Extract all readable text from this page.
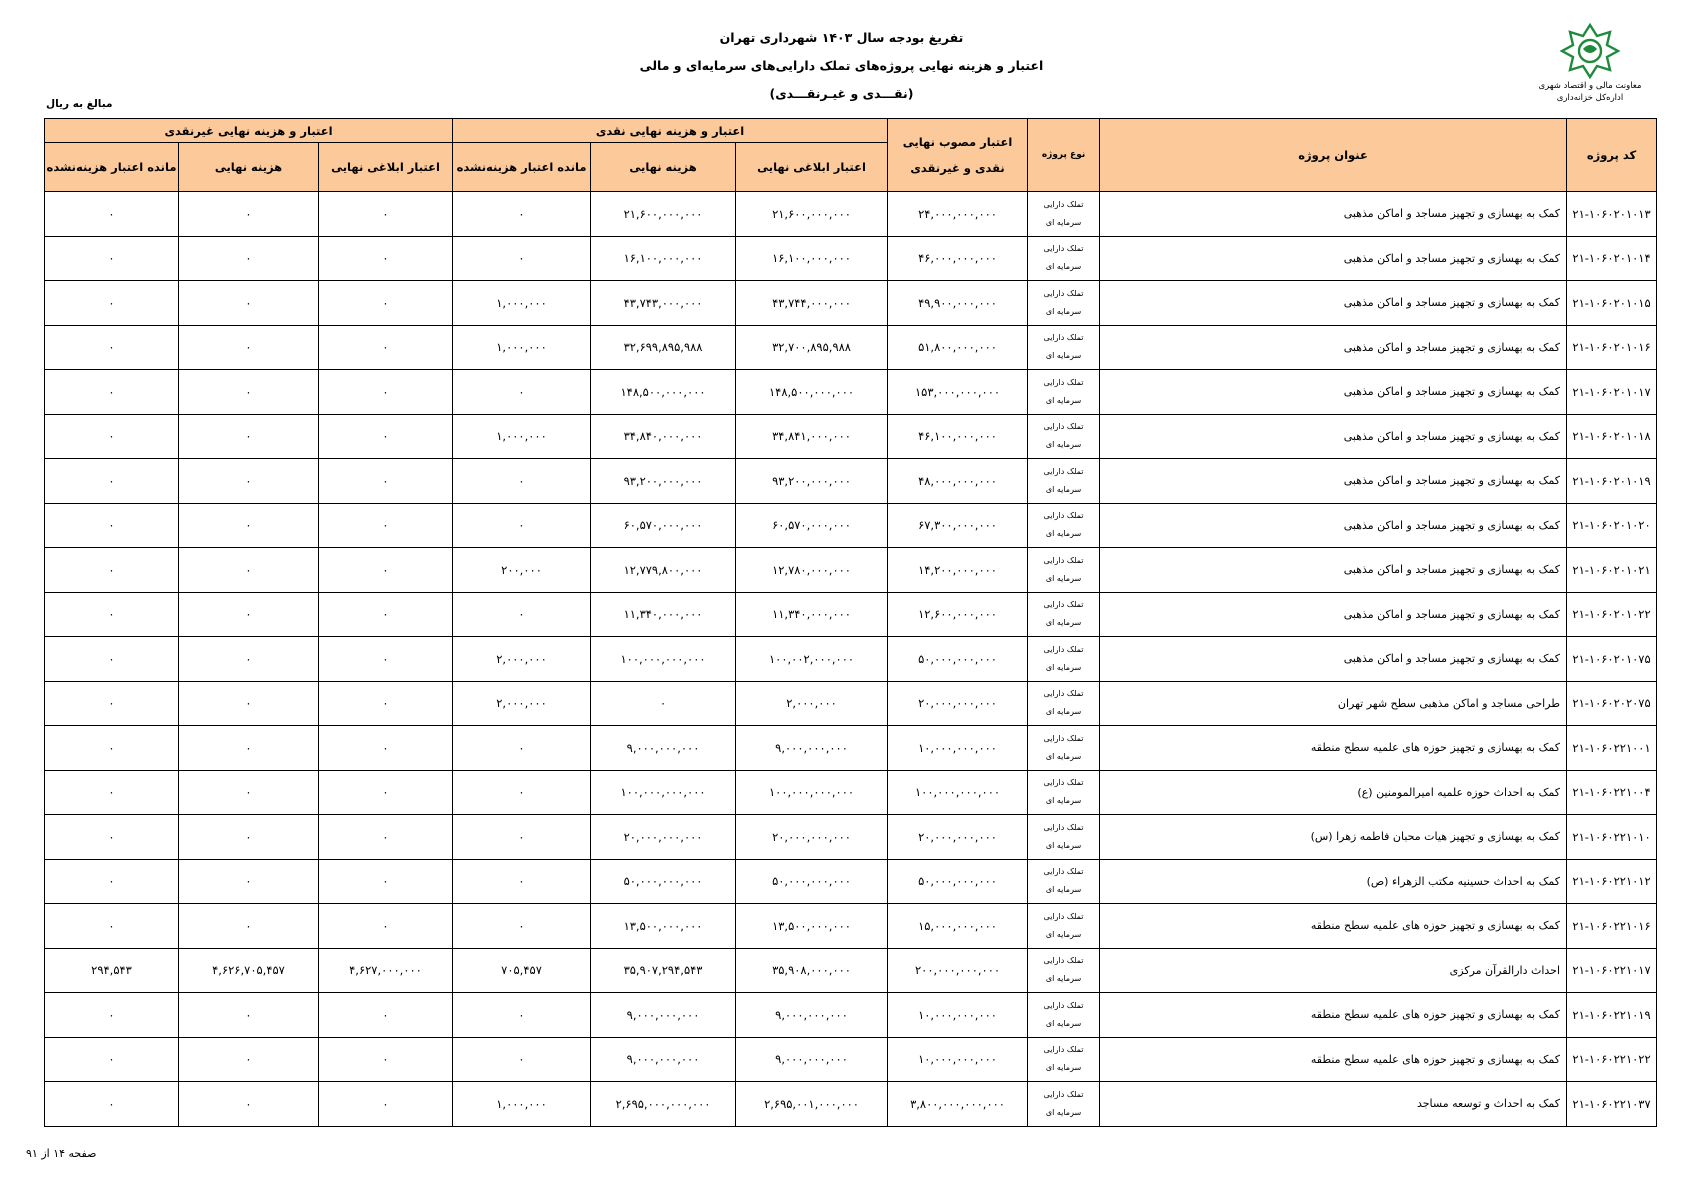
تفریغ بودجه سال ۱۴۰۳ شهرداری تهران
اعتبار و هزینه نهایی پروژه‌های تملک دارایی‌های سرمایه‌ای و مالی
(نقـــدی و غیـر‌نقـــدی)	معاونت مالی و اقتصاد شهری
اداره‌کل خزانه‌داری
مبالغ به ریال
کد پروژه	عنوان پروژه	نوع پروژه	اعتبار مصوب نهایی نقدی و غیرنقدی	اعتبار و هزینه نهایی نقدی			اعتبار و هزینه نهایی غیرنقدی		
				اعتبار ابلاغی نهایی	هزینه نهایی	مانده اعتبار هزینه‌نشده	اعتبار ابلاغی نهایی	هزینه نهایی	مانده اعتبار هزینه‌نشده
۲۱-۱۰۶۰۲۰۱۰۱۳	کمک به بهسازی و تجهیز مساجد و اماکن مذهبی	تملک دارایی
سرمایه ای	۲۴,۰۰۰,۰۰۰,۰۰۰	۲۱,۶۰۰,۰۰۰,۰۰۰	۲۱,۶۰۰,۰۰۰,۰۰۰	۰	۰	۰	۰
۲۱-۱۰۶۰۲۰۱۰۱۴	کمک به بهسازی و تجهیز مساجد و اماکن مذهبی	تملک دارایی
سرمایه ای	۴۶,۰۰۰,۰۰۰,۰۰۰	۱۶,۱۰۰,۰۰۰,۰۰۰	۱۶,۱۰۰,۰۰۰,۰۰۰	۰	۰	۰	۰
۲۱-۱۰۶۰۲۰۱۰۱۵	کمک به بهسازی و تجهیز مساجد و اماکن مذهبی	تملک دارایی
سرمایه ای	۴۹,۹۰۰,۰۰۰,۰۰۰	۴۳,۷۴۴,۰۰۰,۰۰۰	۴۳,۷۴۳,۰۰۰,۰۰۰	۱,۰۰۰,۰۰۰	۰	۰	۰
۲۱-۱۰۶۰۲۰۱۰۱۶	کمک به بهسازی و تجهیز مساجد و اماکن مذهبی	تملک دارایی
سرمایه ای	۵۱,۸۰۰,۰۰۰,۰۰۰	۳۲,۷۰۰,۸۹۵,۹۸۸	۳۲,۶۹۹,۸۹۵,۹۸۸	۱,۰۰۰,۰۰۰	۰	۰	۰
۲۱-۱۰۶۰۲۰۱۰۱۷	کمک به بهسازی و تجهیز مساجد و اماکن مذهبی	تملک دارایی
سرمایه ای	۱۵۳,۰۰۰,۰۰۰,۰۰۰	۱۴۸,۵۰۰,۰۰۰,۰۰۰	۱۴۸,۵۰۰,۰۰۰,۰۰۰	۰	۰	۰	۰
۲۱-۱۰۶۰۲۰۱۰۱۸	کمک به بهسازی و تجهیز مساجد و اماکن مذهبی	تملک دارایی
سرمایه ای	۴۶,۱۰۰,۰۰۰,۰۰۰	۳۴,۸۴۱,۰۰۰,۰۰۰	۳۴,۸۴۰,۰۰۰,۰۰۰	۱,۰۰۰,۰۰۰	۰	۰	۰
۲۱-۱۰۶۰۲۰۱۰۱۹	کمک به بهسازی و تجهیز مساجد و اماکن مذهبی	تملک دارایی
سرمایه ای	۴۸,۰۰۰,۰۰۰,۰۰۰	۹۳,۲۰۰,۰۰۰,۰۰۰	۹۳,۲۰۰,۰۰۰,۰۰۰	۰	۰	۰	۰
۲۱-۱۰۶۰۲۰۱۰۲۰	کمک به بهسازی و تجهیز مساجد و اماکن مذهبی	تملک دارایی
سرمایه ای	۶۷,۳۰۰,۰۰۰,۰۰۰	۶۰,۵۷۰,۰۰۰,۰۰۰	۶۰,۵۷۰,۰۰۰,۰۰۰	۰	۰	۰	۰
۲۱-۱۰۶۰۲۰۱۰۲۱	کمک به بهسازی و تجهیز مساجد و اماکن مذهبی	تملک دارایی
سرمایه ای	۱۴,۲۰۰,۰۰۰,۰۰۰	۱۲,۷۸۰,۰۰۰,۰۰۰	۱۲,۷۷۹,۸۰۰,۰۰۰	۲۰۰,۰۰۰	۰	۰	۰
۲۱-۱۰۶۰۲۰۱۰۲۲	کمک به بهسازی و تجهیز مساجد و اماکن مذهبی	تملک دارایی
سرمایه ای	۱۲,۶۰۰,۰۰۰,۰۰۰	۱۱,۳۴۰,۰۰۰,۰۰۰	۱۱,۳۴۰,۰۰۰,۰۰۰	۰	۰	۰	۰
۲۱-۱۰۶۰۲۰۱۰۷۵	کمک به بهسازی و تجهیز مساجد و اماکن مذهبی	تملک دارایی
سرمایه ای	۵۰,۰۰۰,۰۰۰,۰۰۰	۱۰۰,۰۰۲,۰۰۰,۰۰۰	۱۰۰,۰۰۰,۰۰۰,۰۰۰	۲,۰۰۰,۰۰۰	۰	۰	۰
۲۱-۱۰۶۰۲۰۲۰۷۵	طراحی مساجد و اماکن مذهبی سطح شهر تهران	تملک دارایی
سرمایه ای	۲۰,۰۰۰,۰۰۰,۰۰۰	۲,۰۰۰,۰۰۰	۰	۲,۰۰۰,۰۰۰	۰	۰	۰
۲۱-۱۰۶۰۲۲۱۰۰۱	کمک به بهسازی و تجهیز حوزه های علمیه سطح منطقه	تملک دارایی
سرمایه ای	۱۰,۰۰۰,۰۰۰,۰۰۰	۹,۰۰۰,۰۰۰,۰۰۰	۹,۰۰۰,۰۰۰,۰۰۰	۰	۰	۰	۰
۲۱-۱۰۶۰۲۲۱۰۰۴	کمک به احداث حوزه علمیه امیرالمومنین (ع)	تملک دارایی
سرمایه ای	۱۰۰,۰۰۰,۰۰۰,۰۰۰	۱۰۰,۰۰۰,۰۰۰,۰۰۰	۱۰۰,۰۰۰,۰۰۰,۰۰۰	۰	۰	۰	۰
۲۱-۱۰۶۰۲۲۱۰۱۰	کمک به بهسازی و تجهیز هیات محبان فاطمه زهرا (س)	تملک دارایی
سرمایه ای	۲۰,۰۰۰,۰۰۰,۰۰۰	۲۰,۰۰۰,۰۰۰,۰۰۰	۲۰,۰۰۰,۰۰۰,۰۰۰	۰	۰	۰	۰
۲۱-۱۰۶۰۲۲۱۰۱۲	کمک به احداث حسینیه مکتب الزهراء (ص)	تملک دارایی
سرمایه ای	۵۰,۰۰۰,۰۰۰,۰۰۰	۵۰,۰۰۰,۰۰۰,۰۰۰	۵۰,۰۰۰,۰۰۰,۰۰۰	۰	۰	۰	۰
۲۱-۱۰۶۰۲۲۱۰۱۶	کمک به بهسازی و تجهیز حوزه های علمیه سطح منطقه	تملک دارایی
سرمایه ای	۱۵,۰۰۰,۰۰۰,۰۰۰	۱۳,۵۰۰,۰۰۰,۰۰۰	۱۳,۵۰۰,۰۰۰,۰۰۰	۰	۰	۰	۰
۲۱-۱۰۶۰۲۲۱۰۱۷	احداث دارالقرآن مرکزی	تملک دارایی
سرمایه ای	۲۰۰,۰۰۰,۰۰۰,۰۰۰	۳۵,۹۰۸,۰۰۰,۰۰۰	۳۵,۹۰۷,۲۹۴,۵۴۳	۷۰۵,۴۵۷	۴,۶۲۷,۰۰۰,۰۰۰	۴,۶۲۶,۷۰۵,۴۵۷	۲۹۴,۵۴۳
۲۱-۱۰۶۰۲۲۱۰۱۹	کمک به بهسازی و تجهیز حوزه های علمیه سطح منطقه	تملک دارایی
سرمایه ای	۱۰,۰۰۰,۰۰۰,۰۰۰	۹,۰۰۰,۰۰۰,۰۰۰	۹,۰۰۰,۰۰۰,۰۰۰	۰	۰	۰	۰
۲۱-۱۰۶۰۲۲۱۰۲۲	کمک به بهسازی و تجهیز حوزه های علمیه سطح منطقه	تملک دارایی
سرمایه ای	۱۰,۰۰۰,۰۰۰,۰۰۰	۹,۰۰۰,۰۰۰,۰۰۰	۹,۰۰۰,۰۰۰,۰۰۰	۰	۰	۰	۰
۲۱-۱۰۶۰۲۲۱۰۳۷	کمک به احداث و توسعه مساجد	تملک دارایی
سرمایه ای	۳,۸۰۰,۰۰۰,۰۰۰,۰۰۰	۲,۶۹۵,۰۰۱,۰۰۰,۰۰۰	۲,۶۹۵,۰۰۰,۰۰۰,۰۰۰	۱,۰۰۰,۰۰۰	۰	۰	۰
صفحه ۱۴ از ۹۱
